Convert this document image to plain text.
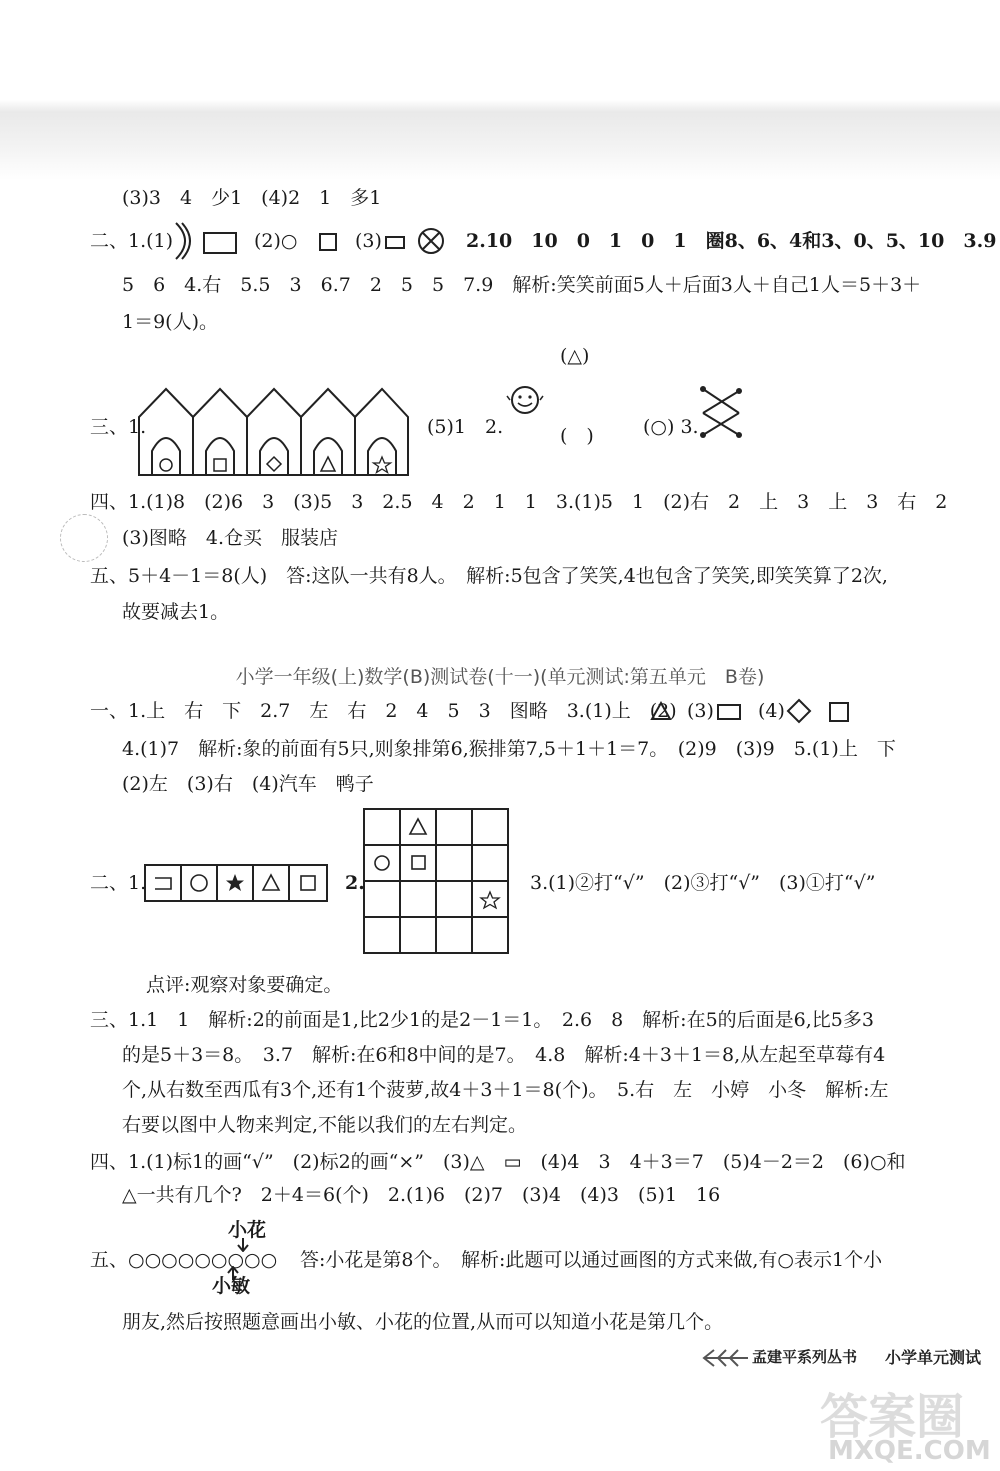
(3)3　4　少1　(4)2　1　多1
二、1.(1)	(2)○	(3)	2.10　10　0　1　0　1　圈8、6、4和3、0、5、10　3.9
5　6　4.右　5.5　3　6.7　2　5　5　7.9　解析:笑笑前面5人＋后面3人＋自己1人＝5＋3＋
1＝9(人)。
(△)
三、1.	(5)1　2.	(○) 3.
(　)
四、1.(1)8　(2)6　3　(3)5　3　2.5　4　2　1　1　3.(1)5　1　(2)右　2　上　3　上　3　右　2
(3)图略　4.仓买　服装店
五、5＋4－1＝8(人)　答:这队一共有8人。　解析:5包含了笑笑,4也包含了笑笑,即笑笑算了2次,
故要减去1。
小学一年级(上)数学(B)测试卷(十一)(单元测试:第五单元　B卷)
一、1.上　右　下　2.7　左　右　2　4　5　3　图略　3.(1)上　(2) (3) (4)
4.(1)7　解析:象的前面有5只,则象排第6,猴排第7,5＋1＋1＝7。　(2)9　(3)9　5.(1)上　下
(2)左　(3)右　(4)汽车　鸭子
二、1.	2.	3.(1)②打“√”　(2)③打“√”　(3)①打“√”
点评:观察对象要确定。
三、1.1　1　解析:2的前面是1,比2少1的是2－1＝1。　2.6　8　解析:在5的后面是6,比5多3
的是5＋3＝8。　3.7　解析:在6和8中间的是7。　4.8　解析:4＋3＋1＝8,从左起至草莓有4
个,从右数至西瓜有3个,还有1个菠萝,故4＋3＋1＝8(个)。　5.右　左　小婷　小冬　解析:左
右要以图中人物来判定,不能以我们的左右判定。
四、1.(1)标1的画“√”　(2)标2的画“×”　(3)△　▭　(4)4　3　4＋3＝7　(5)4－2＝2　(6)○和
△一共有几个?　2＋4＝6(个)　2.(1)6　(2)7　(3)4　(4)3　(5)1　16
小花
五、○○○○○○○○○ 答:小花是第8个。　解析:此题可以通过画图的方式来做,有○表示1个小
小敏
朋友,然后按照题意画出小敏、小花的位置,从而可以知道小花是第几个。
孟建平系列丛书 小学单元测试
答案圈
MXQE.COM
